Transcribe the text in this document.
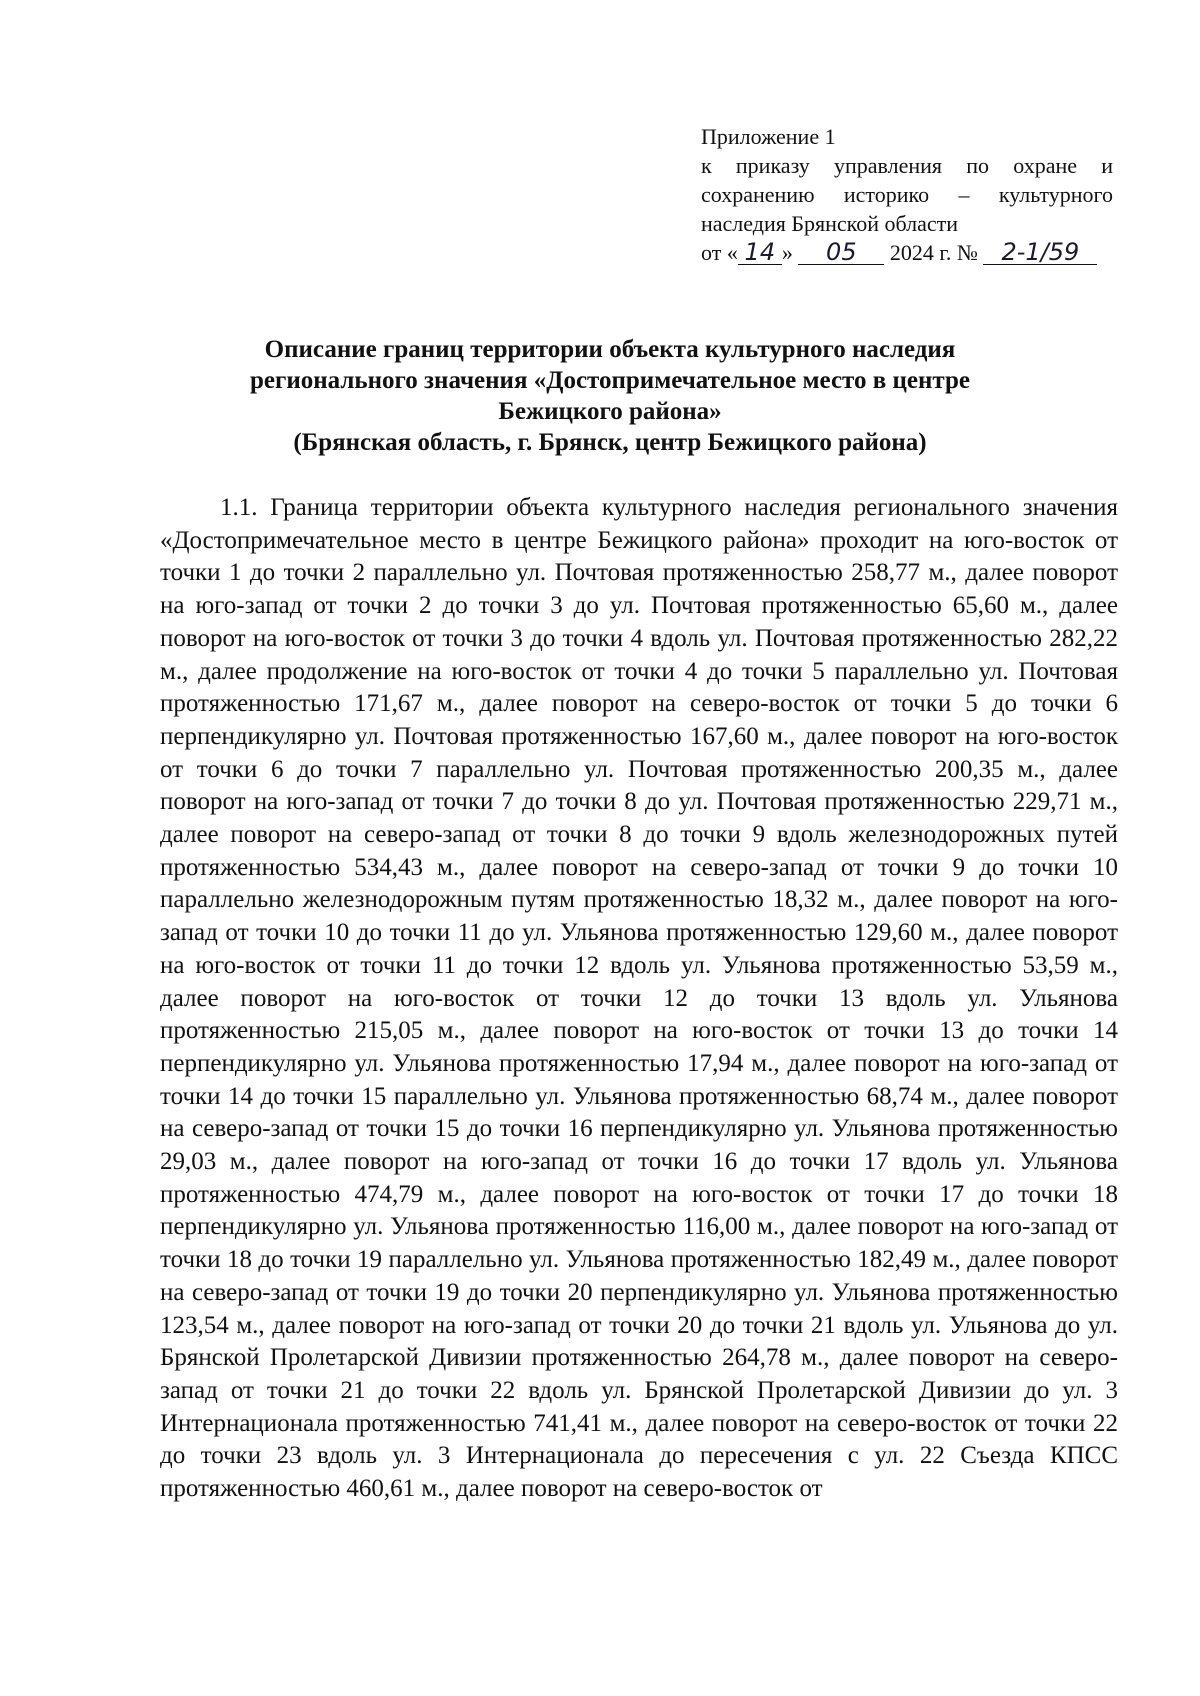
Приложение 1
к приказу управления по охране и
сохранению историко – культурного
наследия Брянской области
от « 14 » 05 2024 г. № 2-1/59
Описание границ территории объекта культурного наследия
регионального значения «Достопримечательное место в центре
Бежицкого района»
(Брянская область, г. Брянск, центр Бежицкого района)

1.1. Граница территории объекта культурного наследия регионального значения «Достопримечательное место в центре Бежицкого района» проходит на юго-восток от точки 1 до точки 2 параллельно ул. Почтовая протяженностью 258,77 м., далее поворот на юго-запад от точки 2 до точки 3 до ул. Почтовая протяженностью 65,60 м., далее поворот на юго-восток от точки 3 до точки 4 вдоль ул. Почтовая протяженностью 282,22 м., далее продолжение на юго-восток от точки 4 до точки 5 параллельно ул. Почтовая протяженностью 171,67 м., далее поворот на северо-восток от точки 5 до точки 6 перпендикулярно ул. Почтовая протяженностью 167,60 м., далее поворот на юго-восток от точки 6 до точки 7 параллельно ул. Почтовая протяженностью 200,35 м., далее поворот на юго-запад от точки 7 до точки 8 до ул. Почтовая протяженностью 229,71 м., далее поворот на северо-запад от точки 8 до точки 9 вдоль железнодорожных путей протяженностью 534,43 м., далее поворот на северо-запад от точки 9 до точки 10 параллельно железнодорожным путям протяженностью 18,32 м., далее поворот на юго-запад от точки 10 до точки 11 до ул. Ульянова протяженностью 129,60 м., далее поворот на юго-восток от точки 11 до точки 12 вдоль ул. Ульянова протяженностью 53,59 м., далее поворот на юго-восток от точки 12 до точки 13 вдоль ул. Ульянова протяженностью 215,05 м., далее поворот на юго-восток от точки 13 до точки 14 перпендикулярно ул. Ульянова протяженностью 17,94 м., далее поворот на юго-запад от точки 14 до точки 15 параллельно ул. Ульянова протяженностью 68,74 м., далее поворот на северо-запад от точки 15 до точки 16 перпендикулярно ул. Ульянова протяженностью 29,03 м., далее поворот на юго-запад от точки 16 до точки 17 вдоль ул. Ульянова протяженностью 474,79 м., далее поворот на юго-восток от точки 17 до точки 18 перпендикулярно ул. Ульянова протяженностью 116,00 м., далее поворот на юго-запад от точки 18 до точки 19 параллельно ул. Ульянова протяженностью 182,49 м., далее поворот на северо-запад от точки 19 до точки 20 перпендикулярно ул. Ульянова протяженностью 123,54 м., далее поворот на юго-запад от точки 20 до точки 21 вдоль ул. Ульянова до ул. Брянской Пролетарской Дивизии протяженностью 264,78 м., далее поворот на северо-запад от точки 21 до точки 22 вдоль ул. Брянской Пролетарской Дивизии до ул. 3 Интернационала протяженностью 741,41 м., далее поворот на северо-восток от точки 22 до точки 23 вдоль ул. 3 Интернационала до пересечения с ул. 22 Съезда КПСС протяженностью 460,61 м., далее поворот на северо-восток от
